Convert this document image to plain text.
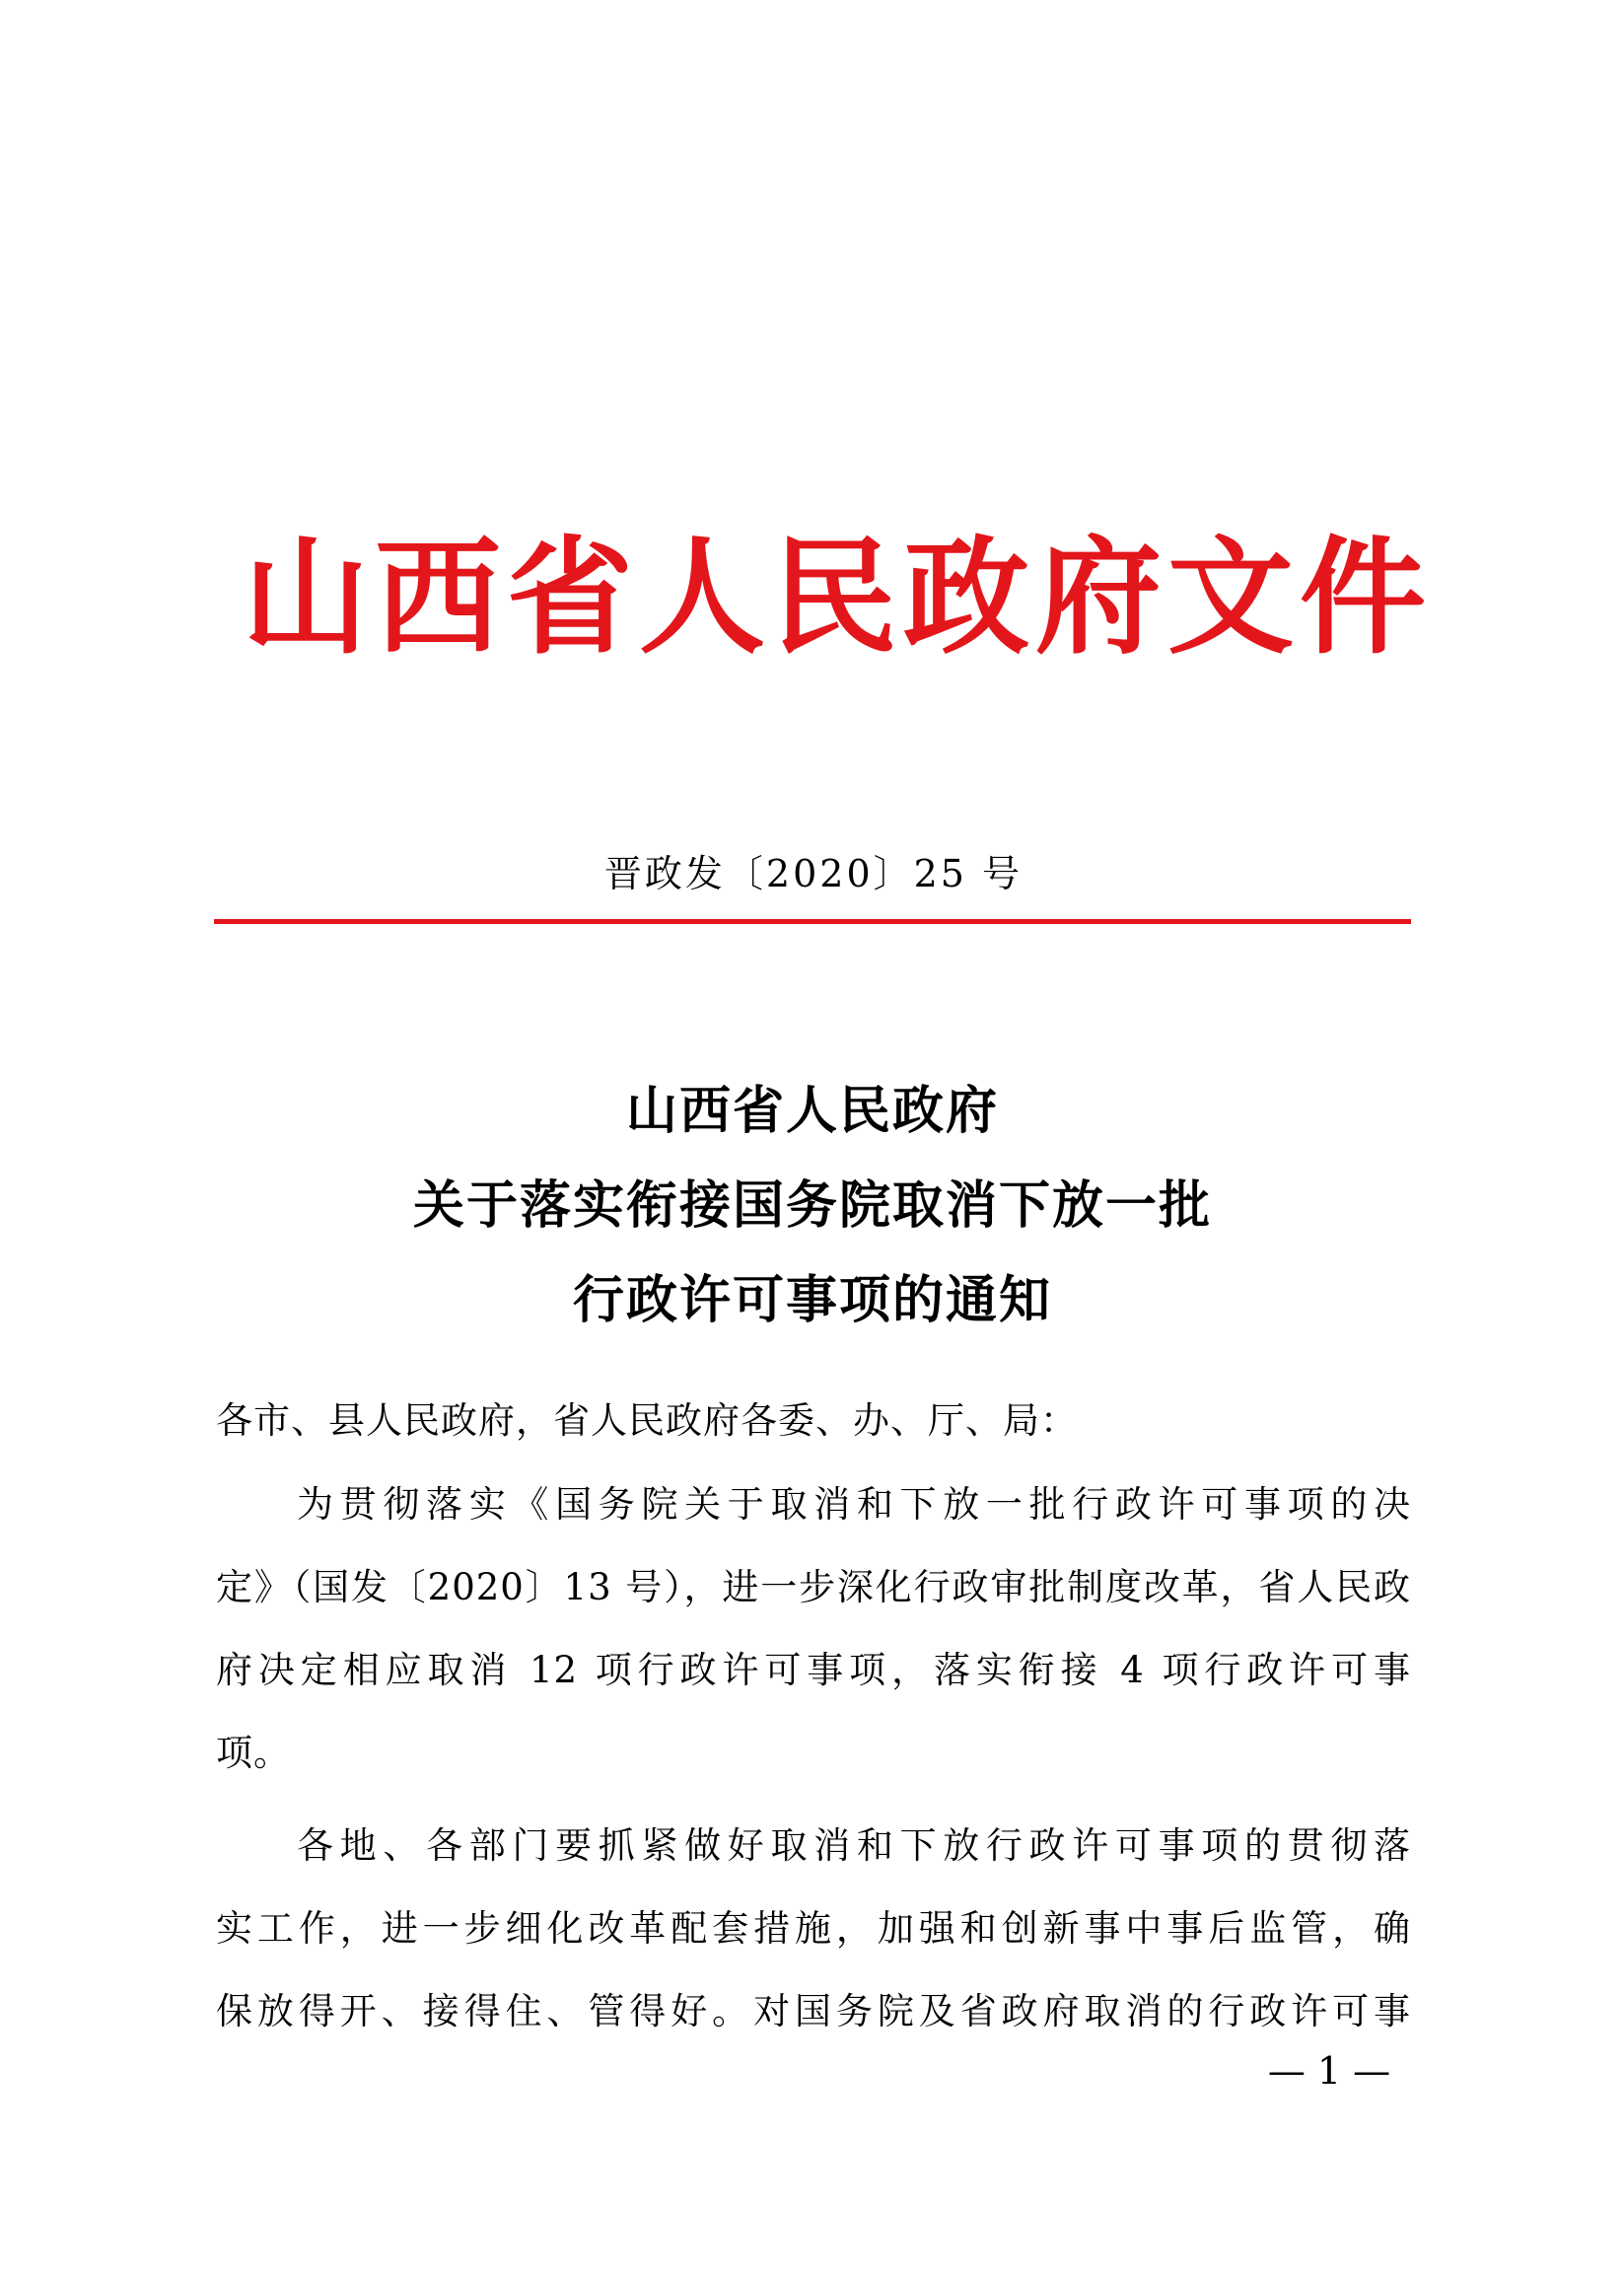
山西省人民政府文件
晋政发〔2020〕25 号
山西省人民政府
关于落实衔接国务院取消下放一批
行政许可事项的通知
各市、县人民政府，省人民政府各委、办、厅、局：
为贯彻落实《国务院关于取消和下放一批行政许可事项的决
定》（国发〔2020〕13 号），进一步深化行政审批制度改革，省人民政
府决定相应取消 12 项行政许可事项，落实衔接 4 项行政许可事
项。
各地、各部门要抓紧做好取消和下放行政许可事项的贯彻落
实工作，进一步细化改革配套措施，加强和创新事中事后监管，确
保放得开、接得住、管得好。对国务院及省政府取消的行政许可事
— 1 —
